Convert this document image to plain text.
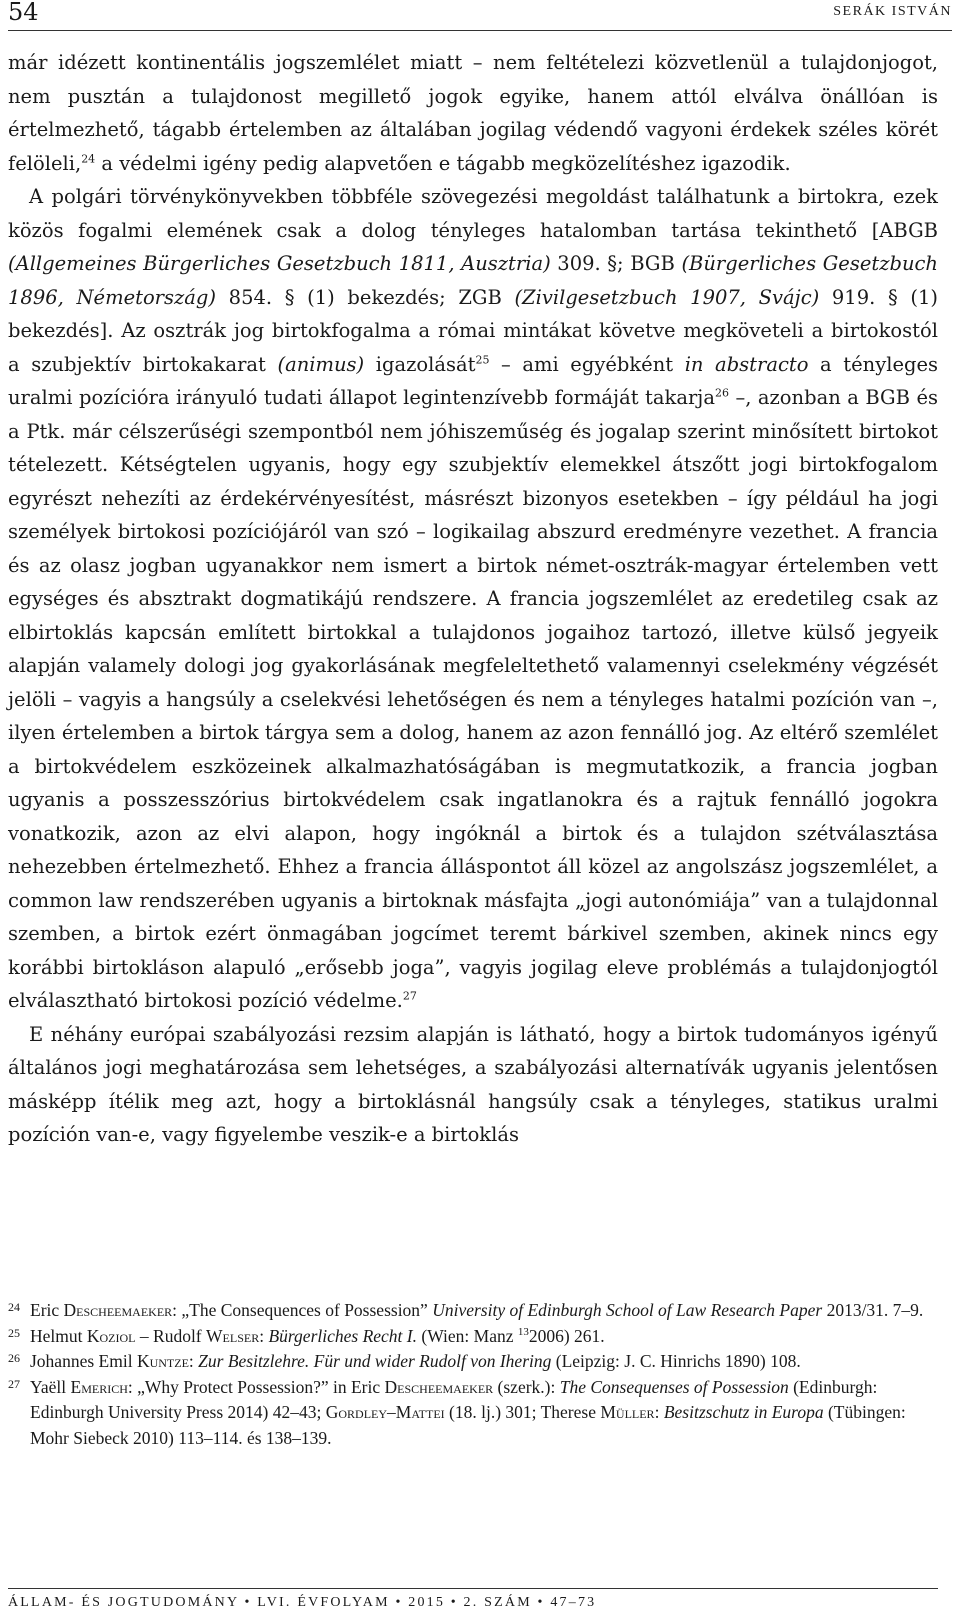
54	SERÁK ISTVÁN

már idézett kontinentális jogszemlélet miatt – nem feltételezi közvetlenül a tulajdonjogot, nem pusztán a tulajdonost megillető jogok egyike, hanem attól elválva önállóan is értelmezhető, tágabb értelemben az általában jogilag védendő vagyoni érdekek széles körét felöleli,$^{24}$ a védelmi igény pedig alapvetően e tágabb megközelítéshez igazodik.

A polgári törvénykönyvekben többféle szövegezési megoldást találhatunk a birtokra, ezek közös fogalmi elemének csak a dolog tényleges hatalomban tartása tekinthető [ABGB (Allgemeines Bürgerliches Gesetzbuch 1811, Ausztria) 309. §; BGB (Bürgerliches Gesetzbuch 1896, Németország) 854. § (1) bekezdés; ZGB (Zivilgesetzbuch 1907, Svájc) 919. § (1) bekezdés]. Az osztrák jog birtokfogalma a római mintákat követve megköveteli a birtokostól a szubjektív birtokakarat (animus) igazolását$^{25}$ – ami egyébként in abstracto a tényleges uralmi pozícióra irányuló tudati állapot legintenzívebb formáját takarja$^{26}$ –, azonban a BGB és a Ptk. már célszerűségi szempontból nem jóhiszeműség és jogalap szerint minősített birtokot tételezett. Kétségtelen ugyanis, hogy egy szubjektív elemekkel átszőtt jogi birtokfogalom egyrészt nehezíti az érdekérvényesítést, másrészt bizonyos esetekben – így például ha jogi személyek birtokosi pozíciójáról van szó – logikailag abszurd eredményre vezethet. A francia és az olasz jogban ugyanakkor nem ismert a birtok német-osztrák-magyar értelemben vett egységes és absztrakt dogmatikájú rendszere. A francia jogszemlélet az eredetileg csak az elbirtoklás kapcsán említett birtokkal a tulajdonos jogaihoz tartozó, illetve külső jegyeik alapján valamely dologi jog gyakorlásának megfeleltethető valamennyi cselekmény végzését jelöli – vagyis a hangsúly a cselekvési lehetőségen és nem a tényleges hatalmi pozíción van –, ilyen értelemben a birtok tárgya sem a dolog, hanem az azon fennálló jog. Az eltérő szemlélet a birtokvédelem eszközeinek alkalmazhatóságában is megmutatkozik, a francia jogban ugyanis a posszesszórius birtokvédelem csak ingatlanokra és a rajtuk fennálló jogokra vonatkozik, azon az elvi alapon, hogy ingóknál a birtok és a tulajdon szétválasztása nehezebben értelmezhető. Ehhez a francia álláspontot áll közel az angolszász jogszemlélet, a common law rendszerében ugyanis a birtoknak másfajta „jogi autonómiája” van a tulajdonnal szemben, a birtok ezért önmagában jogcímet teremt bárkivel szemben, akinek nincs egy korábbi birtokláson alapuló „erősebb joga”, vagyis jogilag eleve problémás a tulajdonjogtól elválasztható birtokosi pozíció védelme.$^{27}$

E néhány európai szabályozási rezsim alapján is látható, hogy a birtok tudományos igényű általános jogi meghatározása sem lehetséges, a szabályozási alternatívák ugyanis jelentősen másképp ítélik meg azt, hogy a birtoklásnál hangsúly csak a tényleges, statikus uralmi pozíción van-e, vagy figyelembe veszik-e a birtoklás

24 Eric Descheemaeker: „The Consequences of Possession” University of Edinburgh School of Law Research Paper 2013/31. 7–9.
25 Helmut Koziol – Rudolf Welser: Bürgerliches Recht I. (Wien: Manz $^{13}$2006) 261.
26 Johannes Emil Kuntze: Zur Besitzlehre. Für und wider Rudolf von Ihering (Leipzig: J. C. Hinrichs 1890) 108.
27 Yaëll Emerich: „Why Protect Possession?” in Eric Descheemaeker (szerk.): The Consequenses of Possession (Edinburgh: Edinburgh University Press 2014) 42–43; Gordley–Mattei (18. lj.) 301; Therese Müller: Besitzschutz in Europa (Tübingen: Mohr Siebeck 2010) 113–114. és 138–139.
ÁLLAM- ÉS JOGTUDOMÁNY • LVI. ÉVFOLYAM • 2015 • 2. SZÁM • 47–73
